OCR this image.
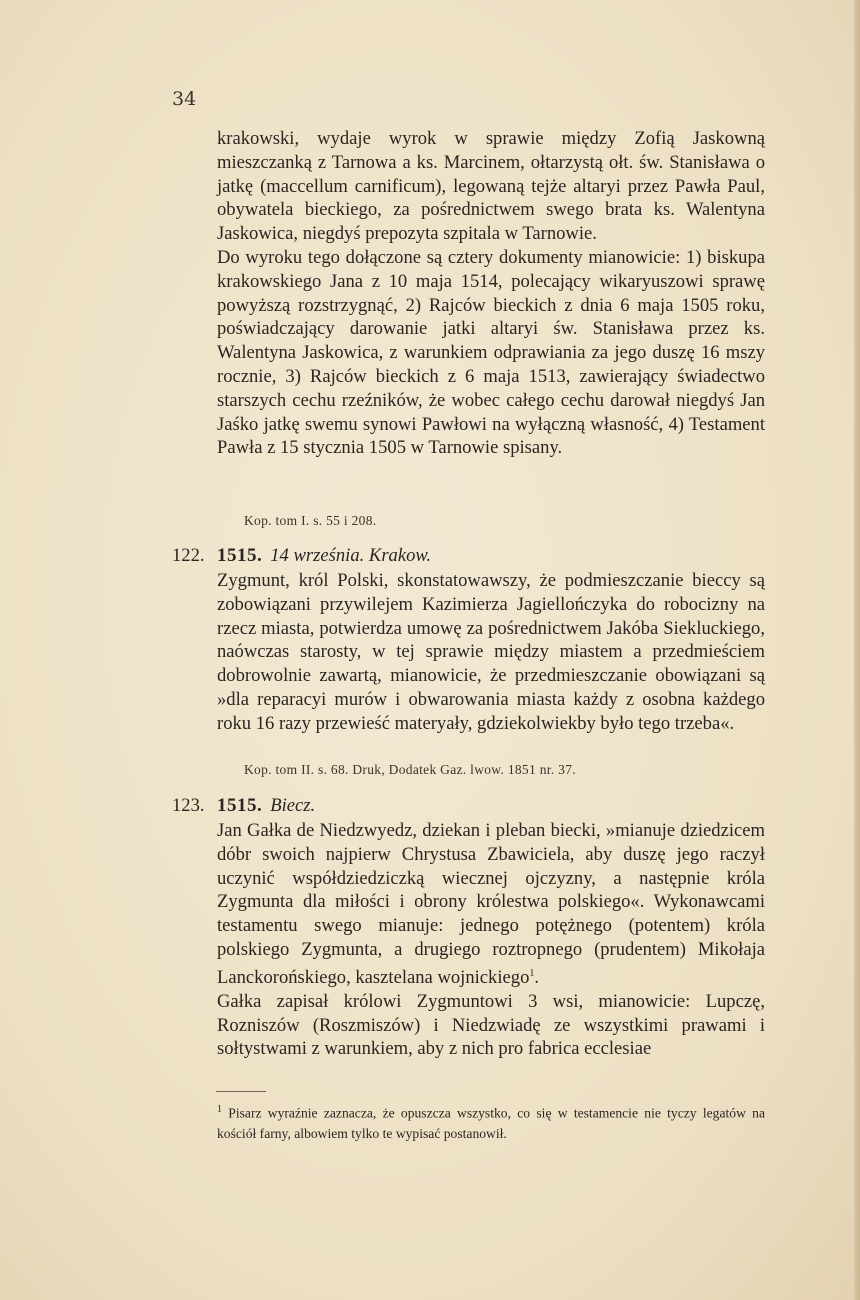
34

krakowski, wydaje wyrok w sprawie między Zofią Jaskowną mieszczanką z Tarnowa a ks. Marcinem, ołtarzystą ołt. św. Stanisława o jatkę (maccellum carnificum), legowaną tejże altaryi przez Pawła Paul, obywatela bieckiego, za pośrednictwem swego brata ks. Walentyna Jaskowica, niegdyś prepozyta szpitala w Tarnowie.

Do wyroku tego dołączone są cztery dokumenty mianowicie: 1) biskupa krakowskiego Jana z 10 maja 1514, polecający wikaryuszowi sprawę powyższą rozstrzygnąć, 2) Rajców bieckich z dnia 6 maja 1505 roku, poświadczający darowanie jatki altaryi św. Stanisława przez ks. Walentyna Jaskowica, z warunkiem odprawiania za jego duszę 16 mszy rocznie, 3) Rajców bieckich z 6 maja 1513, zawierający świadectwo starszych cechu rzeźników, że wobec całego cechu darował niegdyś Jan Jaśko jatkę swemu synowi Pawłowi na wyłączną własność, 4) Testament Pawła z 15 stycznia 1505 w Tarnowie spisany.

Kop. tom I. s. 55 i 208.
122. 1515. 14 września. Krakow.

Zygmunt, król Polski, skonstatowawszy, że podmieszczanie bieccy są zobowiązani przywilejem Kazimierza Jagiellończyka do robocizny na rzecz miasta, potwierdza umowę za pośrednictwem Jakóba Siekluckiego, naówczas starosty, w tej sprawie między miastem a przedmieściem dobrowolnie zawartą, mianowicie, że przedmieszczanie obowiązani są »dla reparacyi murów i obwarowania miasta każdy z osobna każdego roku 16 razy przewieść materyały, gdziekolwiekby było tego trzeba«.

Kop. tom II. s. 68. Druk, Dodatek Gaz. lwow. 1851 nr. 37.
123. 1515. Biecz.

Jan Gałka de Niedzwyedz, dziekan i pleban biecki, »mianuje dziedzicem dóbr swoich najpierw Chrystusa Zbawiciela, aby duszę jego raczył uczynić współdziedziczką wiecznej ojczyzny, a następnie króla Zygmunta dla miłości i obrony królestwa polskiego«. Wykonawcami testamentu swego mianuje: jednego potężnego (potentem) króla polskiego Zygmunta, a drugiego roztropnego (prudentem) Mikołaja Lanckorońskiego, kasztelana wojnickiego$^1$.

Gałka zapisał królowi Zygmuntowi 3 wsi, mianowicie: Lupczę, Rozniszów (Roszmiszów) i Niedzwiadę ze wszystkimi prawami i sołtystwami z warunkiem, aby z nich pro fabrica ecclesiae

$^1$ Pisarz wyraźnie zaznacza, że opuszcza wszystko, co się w testamencie nie tyczy legatów na kościół farny, albowiem tylko te wypisać postanowił.
